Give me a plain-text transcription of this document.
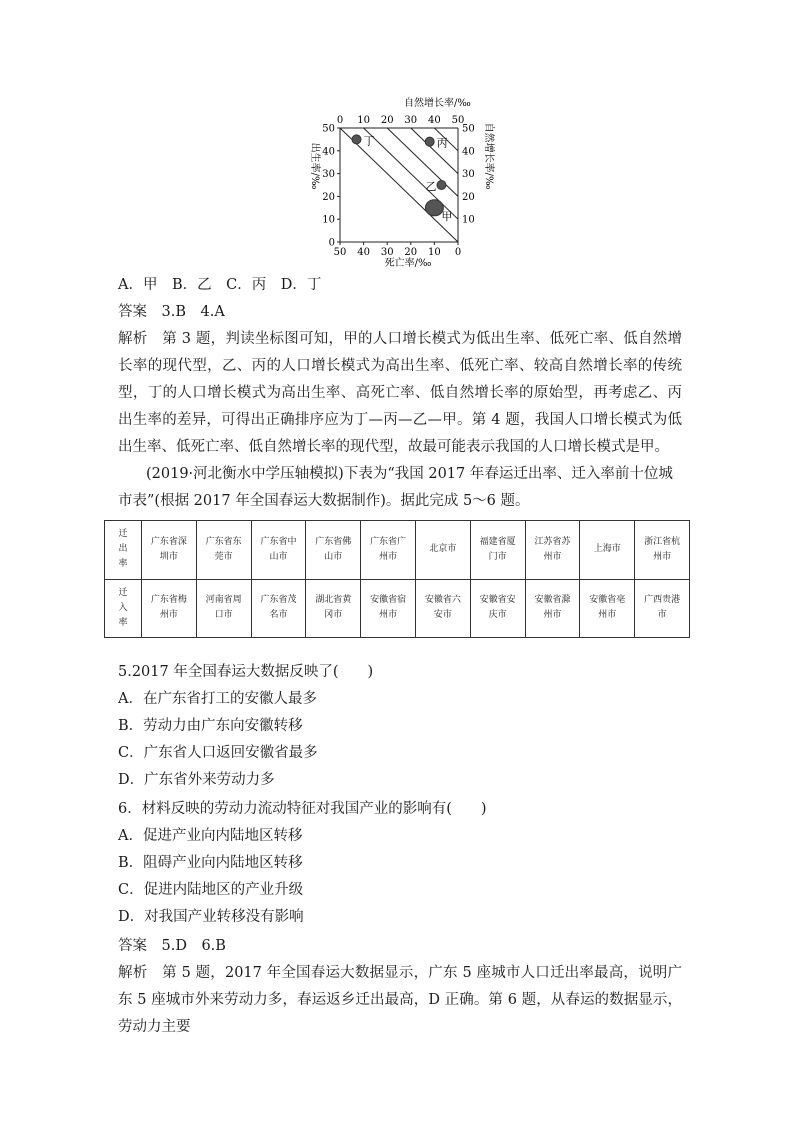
自然增长率/‰
出生率/‰	自然增长率/‰
死亡率/‰
0
10
20
30
40
50
50 40 30 20 10 0
0 10 20 30 40 50
50
40
30
20
10
丁	丙
乙
甲
A．甲　B．乙　C．丙　D．丁
答案　3.B　4.A
解析　第 3 题，判读坐标图可知，甲的人口增长模式为低出生率、低死亡率、低自然增长率的现代型，乙、丙的人口增长模式为高出生率、低死亡率、较高自然增长率的传统型，丁的人口增长模式为高出生率、高死亡率、低自然增长率的原始型，再考虑乙、丙出生率的差异，可得出正确排序应为丁—丙—乙—甲。第 4 题，我国人口增长模式为低出生率、低死亡率、低自然增长率的现代型，故最可能表示我国的人口增长模式是甲。
(2019·河北衡水中学压轴模拟)下表为“我国 2017 年春运迁出率、迁入率前十位城市表”(根据 2017 年全国春运大数据制作)。据此完成 5～6 题。
迁出率	广东省深圳市	广东省东莞市	广东省中山市	广东省佛山市	广东省广州市	北京市	福建省厦门市	江苏省苏州市	上海市	浙江省杭州市
迁入率	广东省梅州市	河南省周口市	广东省茂名市	湖北省黄冈市	安徽省宿州市	安徽省六安市	安徽省安庆市	安徽省滁州市	安徽省亳州市	广西贵港市
5.2017 年全国春运大数据反映了(　　)
A．在广东省打工的安徽人最多
B．劳动力由广东向安徽转移
C．广东省人口返回安徽省最多
D．广东省外来劳动力多
6．材料反映的劳动力流动特征对我国产业的影响有(　　)
A．促进产业向内陆地区转移
B．阻碍产业向内陆地区转移
C．促进内陆地区的产业升级
D．对我国产业转移没有影响
答案　5.D　6.B
解析　第 5 题，2017 年全国春运大数据显示，广东 5 座城市人口迁出率最高，说明广东 5 座城市外来劳动力多，春运返乡迁出最高，D 正确。第 6 题，从春运的数据显示，劳动力主要
